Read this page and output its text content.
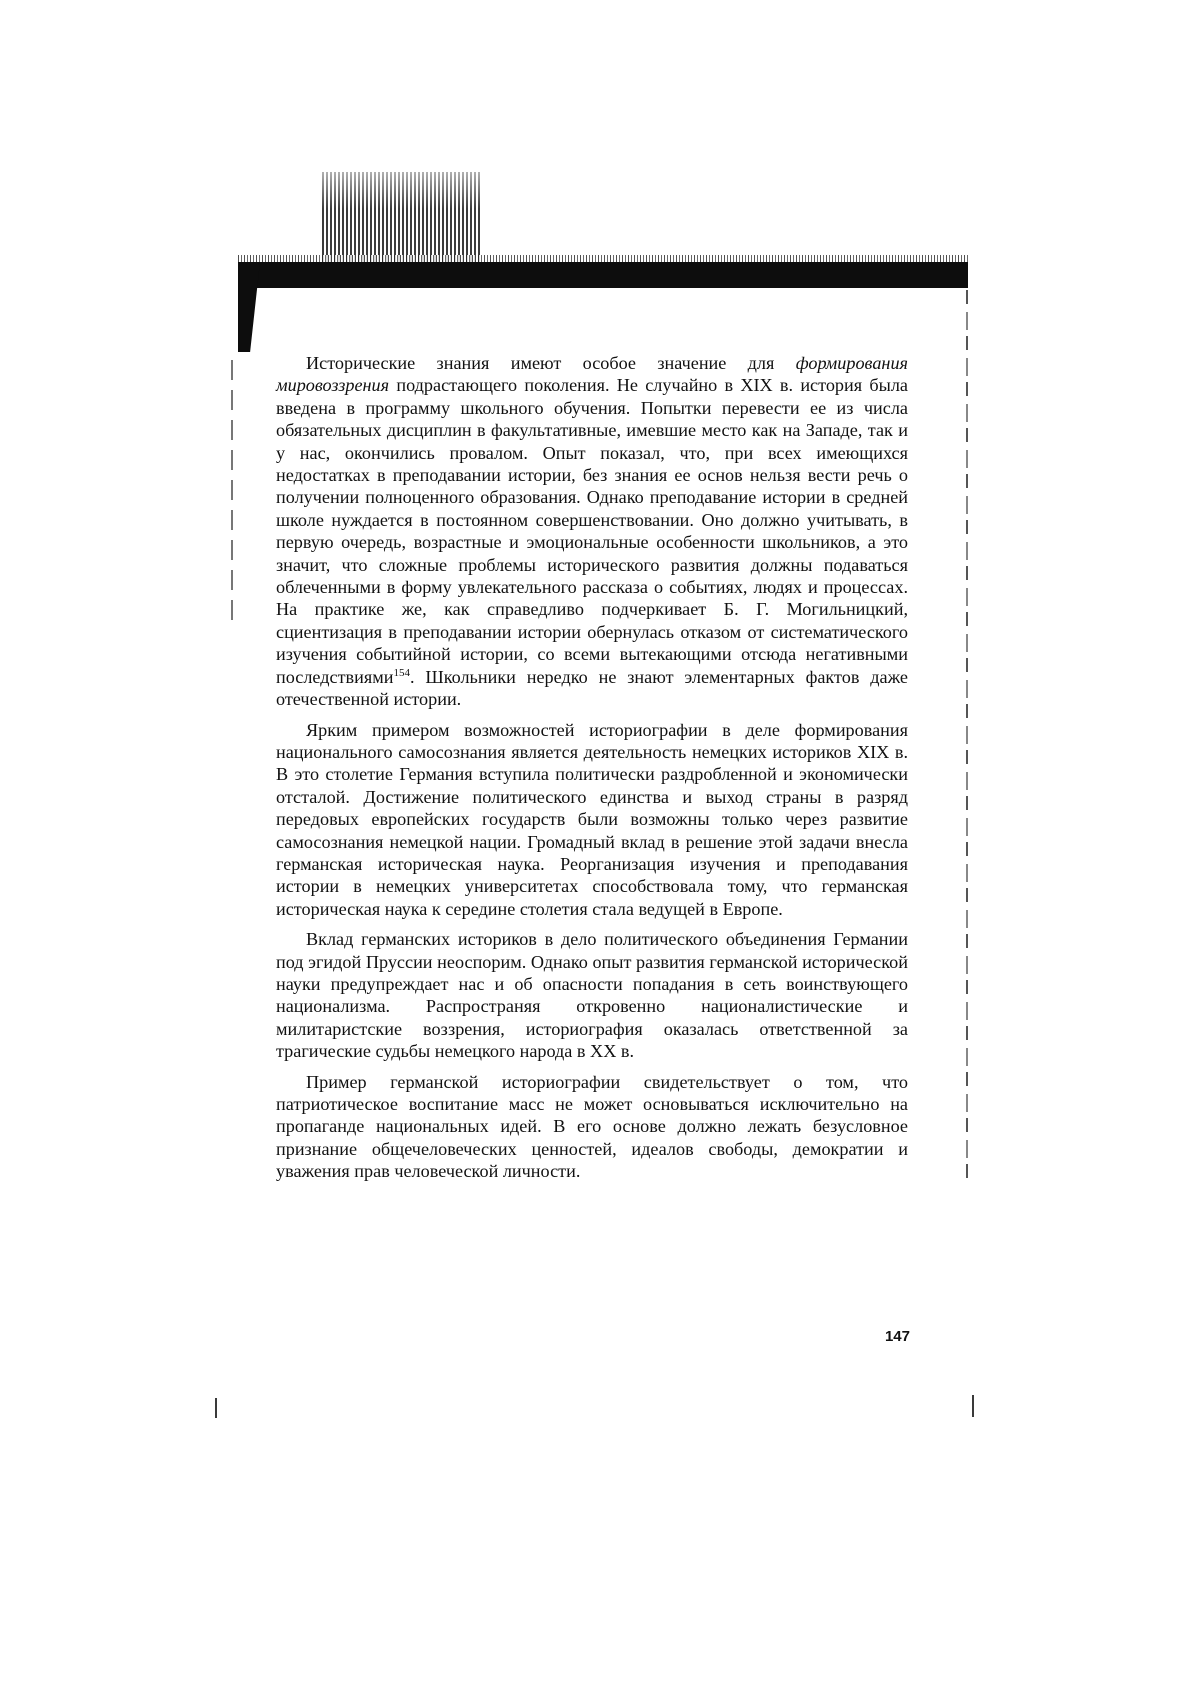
Исторические знания имеют особое значение для формирования мировоззрения подрастающего поколения. Не случайно в XIX в. история была введена в программу школьного обучения. Попытки перевести ее из числа обязательных дисциплин в факультативные, имевшие место как на Западе, так и у нас, окончились провалом. Опыт показал, что, при всех имеющихся недостатках в преподавании истории, без знания ее основ нельзя вести речь о получении полноценного образования. Однако преподавание истории в средней школе нуждается в постоянном совершенствовании. Оно должно учитывать, в первую очередь, возрастные и эмоциональные особенности школьников, а это значит, что сложные проблемы исторического развития должны подаваться облеченными в форму увлекательного рассказа о событиях, людях и процессах. На практике же, как справедливо подчеркивает Б. Г. Могильницкий, сциентизация в преподавании истории обернулась отказом от систематического изучения событийной истории, со всеми вытекающими отсюда негативными последствиями$^{154}$. Школьники нередко не знают элементарных фактов даже отечественной истории.

Ярким примером возможностей историографии в деле формирования национального самосознания является деятельность немецких историков XIX в. В это столетие Германия вступила политически раздробленной и экономически отсталой. Достижение политического единства и выход страны в разряд передовых европейских государств были возможны только через развитие самосознания немецкой нации. Громадный вклад в решение этой задачи внесла германская историческая наука. Реорганизация изучения и преподавания истории в немецких университетах способствовала тому, что германская историческая наука к середине столетия стала ведущей в Европе.

Вклад германских историков в дело политического объединения Германии под эгидой Пруссии неоспорим. Однако опыт развития германской исторической науки предупреждает нас и об опасности попадания в сеть воинствующего национализма. Распространяя откровенно националистические и милитаристские воззрения, историография оказалась ответственной за трагические судьбы немецкого народа в XX в.

Пример германской историографии свидетельствует о том, что патриотическое воспитание масс не может основываться исключительно на пропаганде национальных идей. В его основе должно лежать безусловное признание общечеловеческих ценностей, идеалов свободы, демократии и уважения прав человеческой личности.

147
